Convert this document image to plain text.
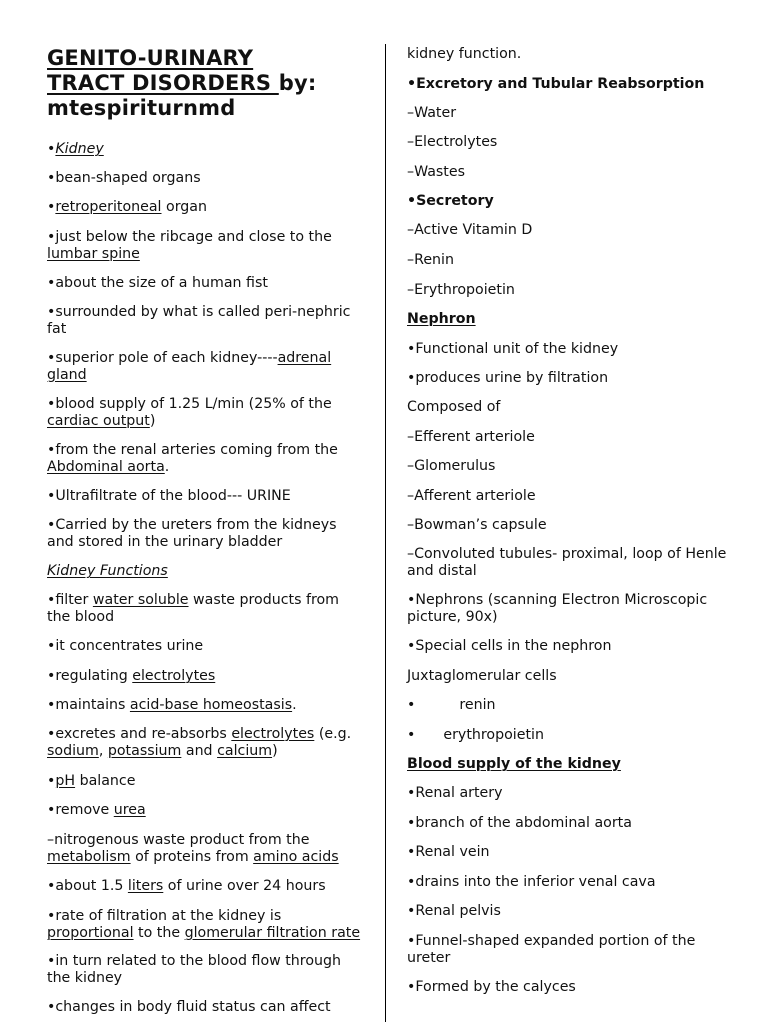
GENITO-URINARY
TRACT DISORDERS by:
mtespiriturnmd

•Kidney

•bean-shaped organs

•retroperitoneal organ

•just below the ribcage and close to the lumbar spine

•about the size of a human fist

•surrounded by what is called peri-nephric fat

•superior pole of each kidney----adrenal gland

•blood supply of 1.25 L/min (25% of the cardiac output)

•from the renal arteries coming from the Abdominal aorta.

•Ultrafiltrate of the blood--- URINE

•Carried by the ureters from the kidneys and stored in the urinary bladder

Kidney Functions

•filter water soluble waste products from the blood

•it concentrates urine

•regulating electrolytes

•maintains acid-base homeostasis.

•excretes and re-absorbs electrolytes (e.g. sodium, potassium and calcium)

•pH balance

•remove urea

–nitrogenous waste product from the metabolism of proteins from amino acids

•about 1.5 liters of urine over 24 hours

•rate of filtration at the kidney is proportional to the glomerular filtration rate

•in turn related to the blood flow through the kidney

•changes in body fluid status can affect

kidney function.

•Excretory and Tubular Reabsorption

–Water

–Electrolytes

–Wastes

•Secretory

–Active Vitamin D

–Renin

–Erythropoietin

Nephron

•Functional unit of the kidney

•produces urine by filtration

Composed of

–Efferent arteriole

–Glomerulus

–Afferent arteriole

–Bowman’s capsule

–Convoluted tubules- proximal, loop of Henle and distal

•Nephrons (scanning Electron Microscopic picture, 90x)

•Special cells in the nephron

Juxtaglomerular cells

•	renin

• erythropoietin

Blood supply of the kidney

•Renal artery

•branch of the abdominal aorta

•Renal vein

•drains into the inferior venal cava

•Renal pelvis

•Funnel-shaped expanded portion of the ureter

•Formed by the calyces
